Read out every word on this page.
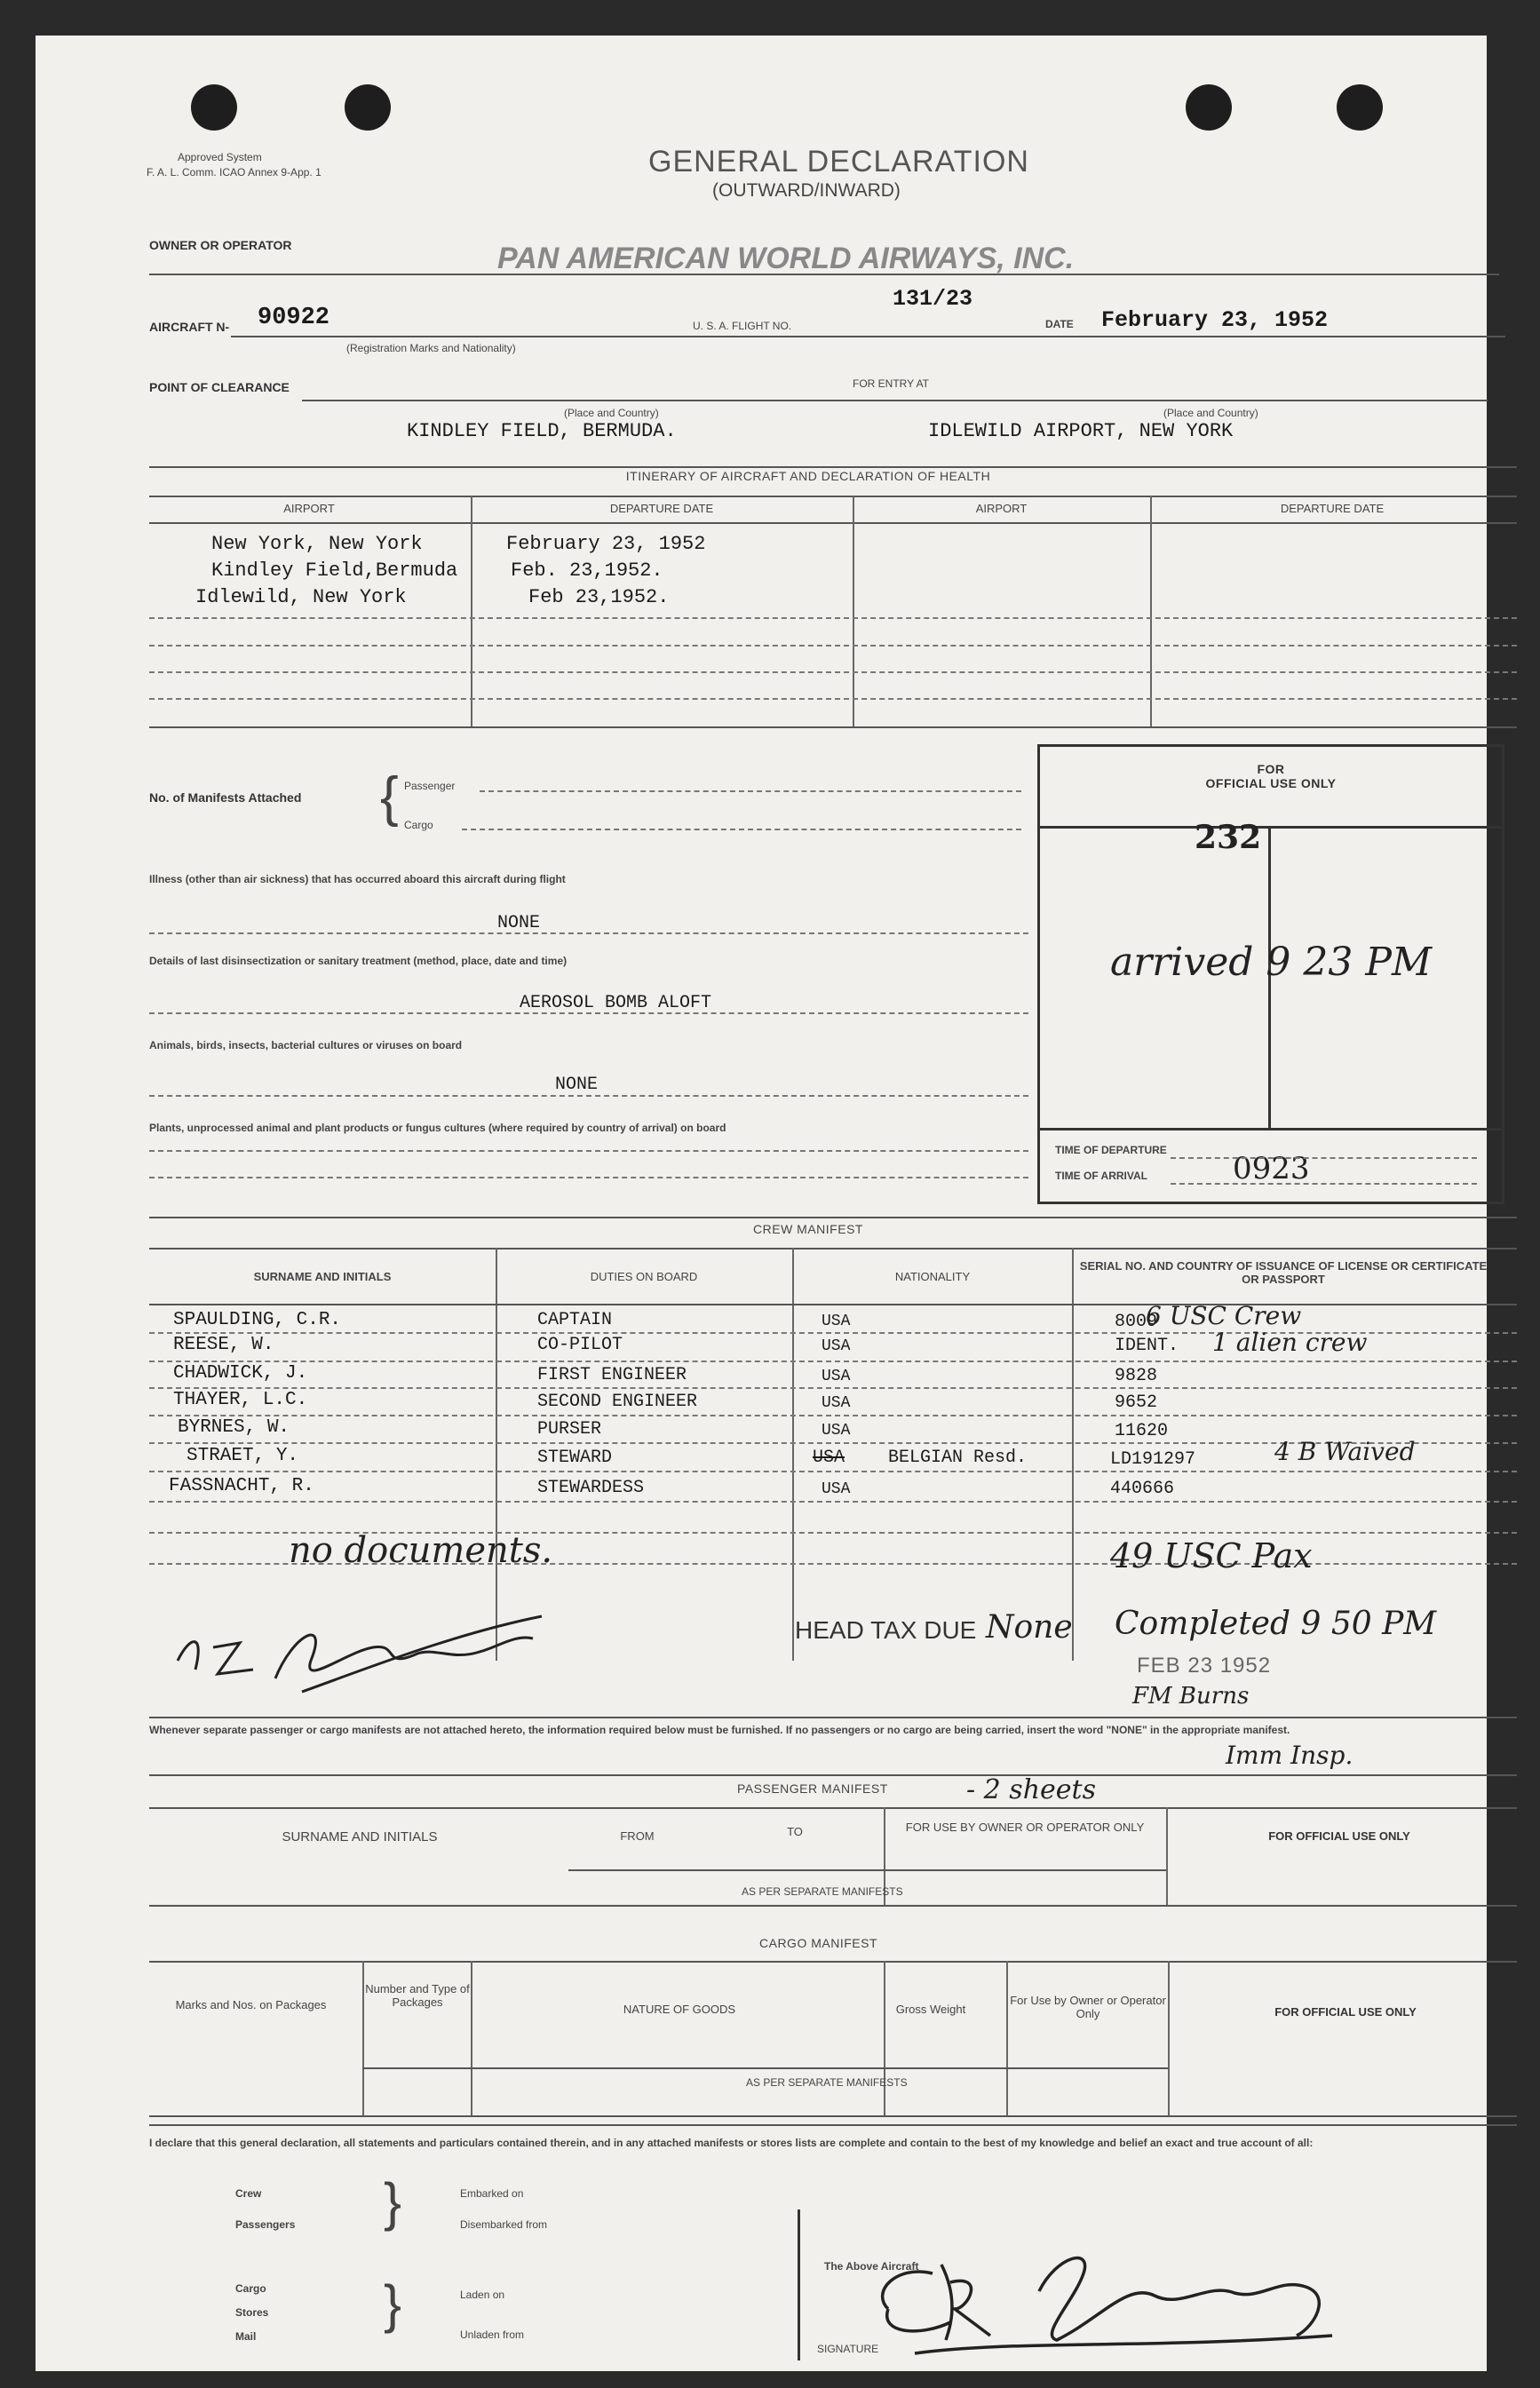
Approved System
F. A. L. Comm. ICAO Annex 9-App. 1	GENERAL DECLARATION
(OUTWARD/INWARD)
OWNER OR OPERATOR	PAN AMERICAN WORLD AIRWAYS, INC.
131/23
AIRCRAFT N- 90922	U. S. A. FLIGHT NO.	DATE February 23, 1952
(Registration Marks and Nationality)
POINT OF CLEARANCE	FOR ENTRY AT
(Place and Country)	(Place and Country)
KINDLEY FIELD, BERMUDA.	IDLEWILD AIRPORT, NEW YORK
ITINERARY OF AIRCRAFT AND DECLARATION OF HEALTH
AIRPORT	DEPARTURE DATE	AIRPORT	DEPARTURE DATE
New York, New York	February 23, 1952
Kindley Field,Bermuda	Feb. 23,1952.
Idlewild, New York	Feb 23,1952.
No. of Manifests Attached { Passenger
Cargo
Illness (other than air sickness) that has occurred aboard this aircraft during flight
NONE
Details of last disinsectization or sanitary treatment (method, place, date and time)
AEROSOL BOMB ALOFT
Animals, birds, insects, bacterial cultures or viruses on board
NONE
Plants, unprocessed animal and plant products or fungus cultures (where required by country of arrival) on board
FOR
OFFICIAL USE ONLY
232
arrived 9 23 PM
TIME OF DEPARTURE
TIME OF ARRIVAL	0923
CREW MANIFEST
SURNAME AND INITIALS	DUTIES ON BOARD	NATIONALITY
SERIAL NO. AND COUNTRY OF ISSUANCE OF LICENSE OR CERTIFICATE OR PASSPORT
SPAULDING, C.R.	CAPTAIN	USA	8009
REESE, W.	CO-PILOT	USA	IDENT.
CHADWICK, J.	FIRST ENGINEER	USA	9828
THAYER, L.C.	SECOND ENGINEER	USA	9652
BYRNES, W.	PURSER	USA	11620
STRAET, Y.	STEWARD	USA BELGIAN Resd.	LD191297
FASSNACHT, R.	STEWARDESS	USA	440666
6 USC Crew
1 alien crew
4 B Waived
no documents.	49 USC Pax
HEAD TAX DUE None Completed 9 50 PM
FEB 23 1952
FM Burns
Whenever separate passenger or cargo manifests are not attached hereto, the information required below must be furnished. If no passengers or no cargo are being carried, insert the word "NONE" in the appropriate manifest.
Imm Insp.
PASSENGER MANIFEST	- 2 sheets
SURNAME AND INITIALS	FROM	TO	FOR USE BY OWNER OR OPERATOR ONLY
FOR OFFICIAL USE ONLY
AS PER SEPARATE MANIFESTS
CARGO MANIFEST
Marks and Nos. on Packages
Number and Type of Packages
NATURE OF GOODS	Gross Weight
For Use by Owner or Operator Only	FOR OFFICIAL USE ONLY
AS PER SEPARATE MANIFESTS
I declare that this general declaration, all statements and particulars contained therein, and in any attached manifests or stores lists are complete and contain to the best of my knowledge and belief an exact and true account of all:
Crew
Passengers }	Embarked on
Disembarked from
Cargo
Stores
Mail
}	Laden on
Unladen from
The Above Aircraft
SIGNATURE
